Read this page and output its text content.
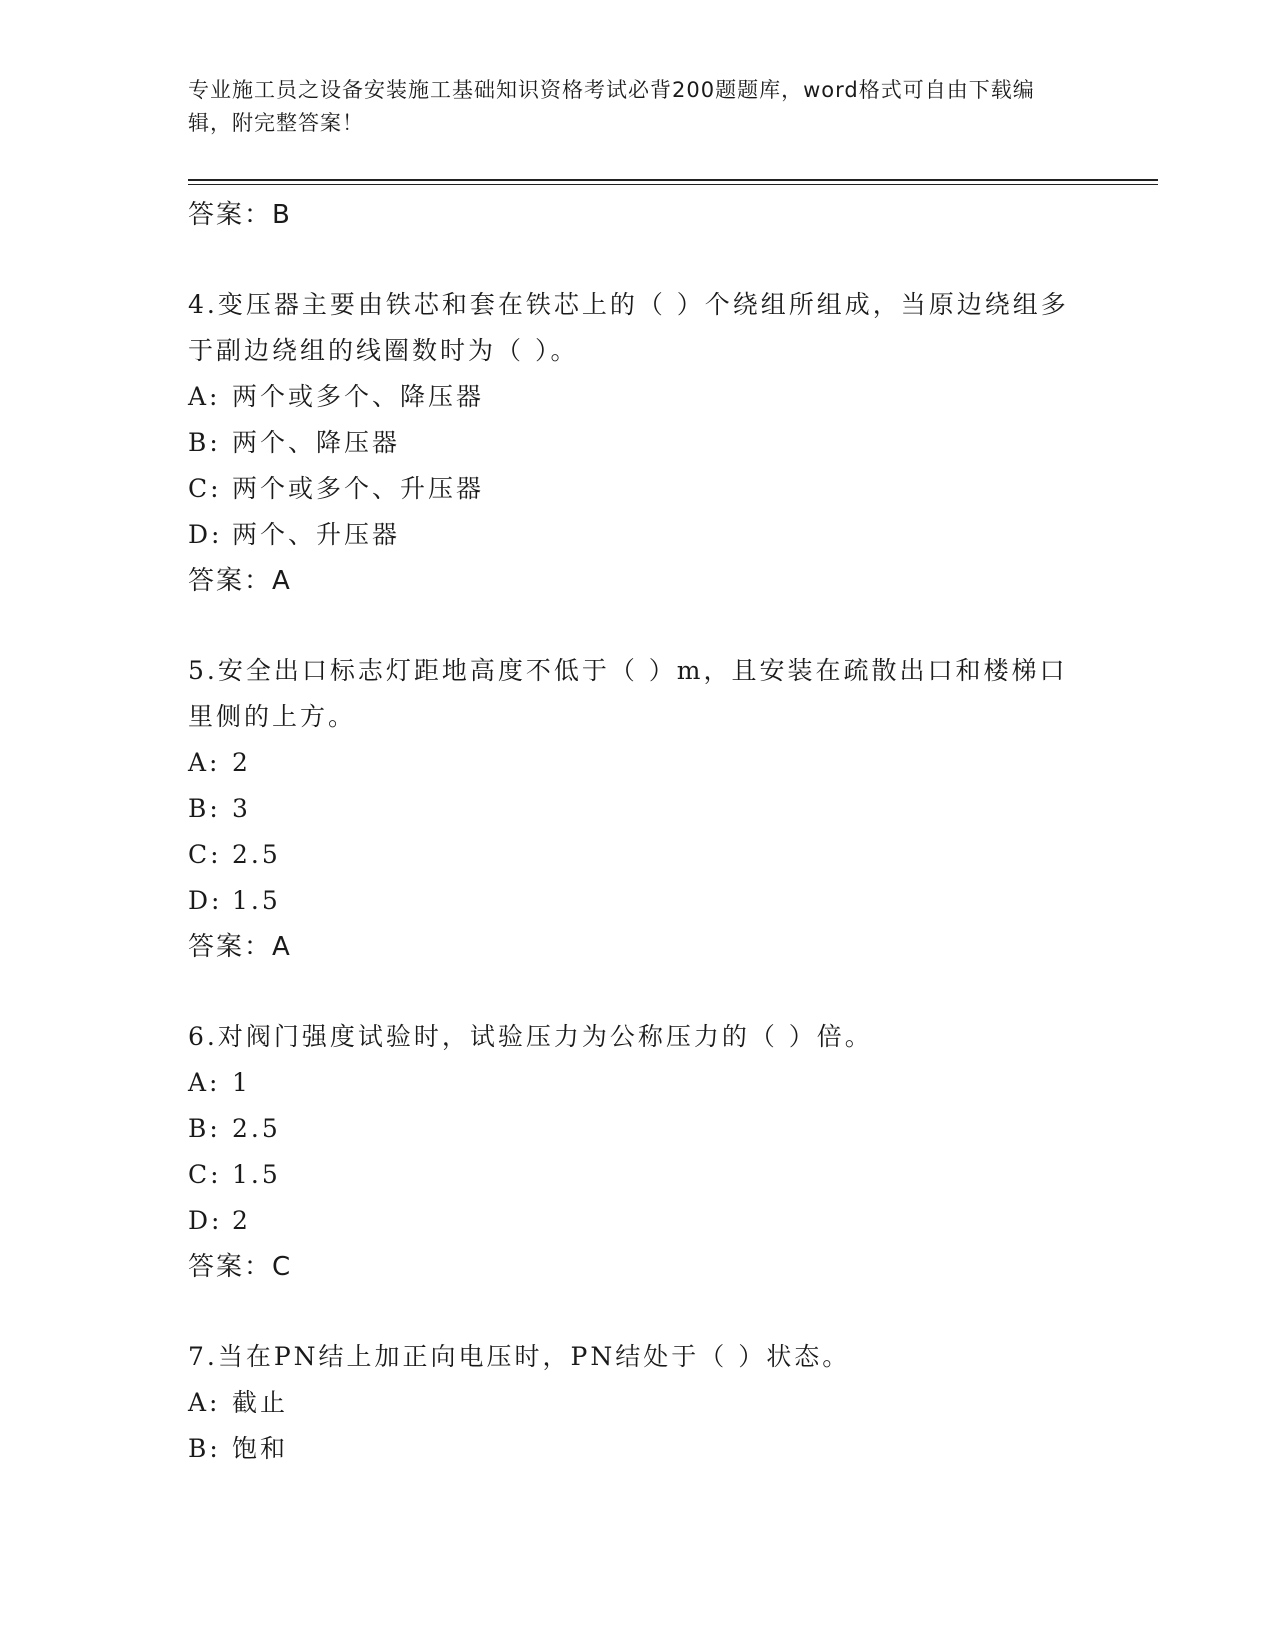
专业施工员之设备安装施工基础知识资格考试必背200题题库，word格式可自由下载编辑，附完整答案！
答案：B
4.变压器主要由铁芯和套在铁芯上的（ ）个绕组所组成，当原边绕组多于副边绕组的线圈数时为（ ）。
A: 两个或多个、降压器
B: 两个、降压器
C: 两个或多个、升压器
D: 两个、升压器
答案：A
5.安全出口标志灯距地高度不低于（ ）m，且安装在疏散出口和楼梯口里侧的上方。
A: 2
B: 3
C: 2.5
D: 1.5
答案：A
6.对阀门强度试验时，试验压力为公称压力的（ ）倍。
A: 1
B: 2.5
C: 1.5
D: 2
答案：C
7.当在PN结上加正向电压时，PN结处于（ ）状态。
A: 截止
B: 饱和
